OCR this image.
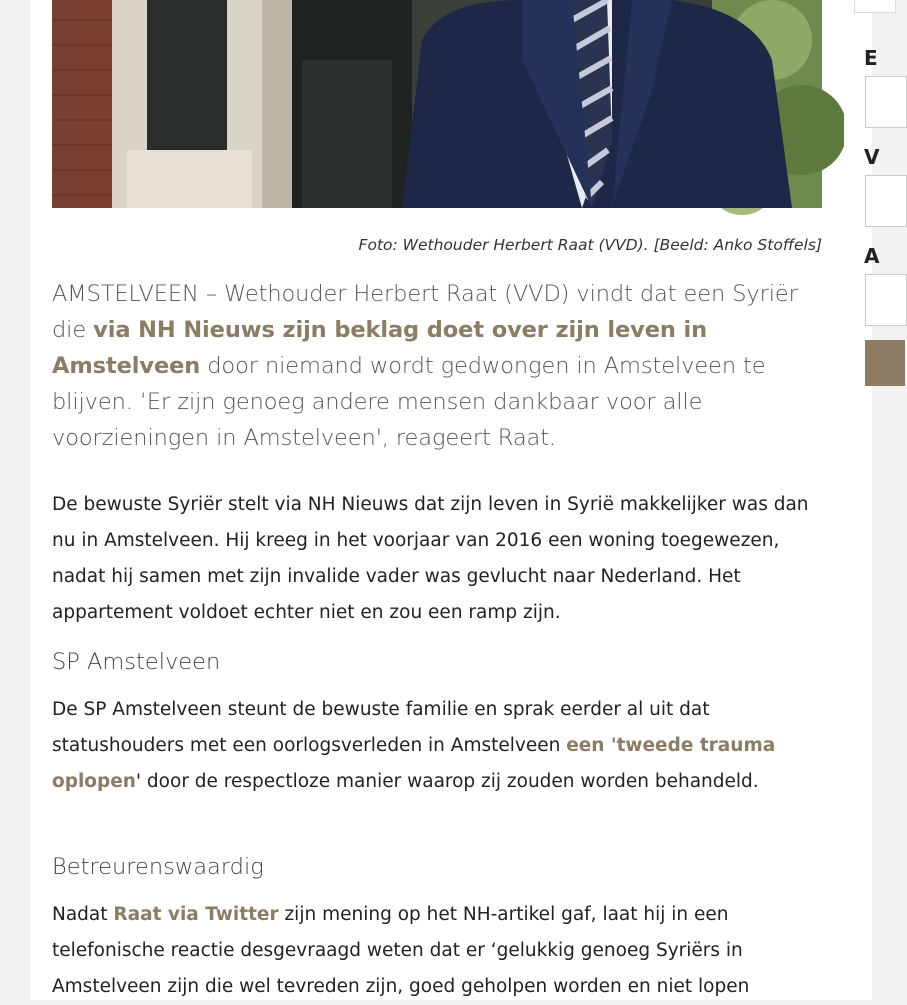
Foto: Wethouder Herbert Raat (VVD). [Beeld: Anko Stoffels]

AMSTELVEEN – Wethouder Herbert Raat (VVD) vindt dat een Syriër die via NH Nieuws zijn beklag doet over zijn leven in Amstelveen door niemand wordt gedwongen in Amstelveen te blijven. ‘Er zijn genoeg andere mensen dankbaar voor alle voorzieningen in Amstelveen', reageert Raat.

De bewuste Syriër stelt via NH Nieuws dat zijn leven in Syrië makkelijker was dan nu in Amstelveen. Hij kreeg in het voorjaar van 2016 een woning toegewezen, nadat hij samen met zijn invalide vader was gevlucht naar Nederland. Het appartement voldoet echter niet en zou een ramp zijn.

SP Amstelveen

De SP Amstelveen steunt de bewuste familie en sprak eerder al uit dat statushouders met een oorlogsverleden in Amstelveen een 'tweede trauma oplopen' door de respectloze manier waarop zij zouden worden behandeld.

Betreurenswaardig

Nadat Raat via Twitter zijn mening op het NH-artikel gaf, laat hij in een telefonische reactie desgevraagd weten dat er ‘gelukkig genoeg Syriërs in Amstelveen zijn die wel tevreden zijn, goed geholpen worden en niet lopen

E
V
A
